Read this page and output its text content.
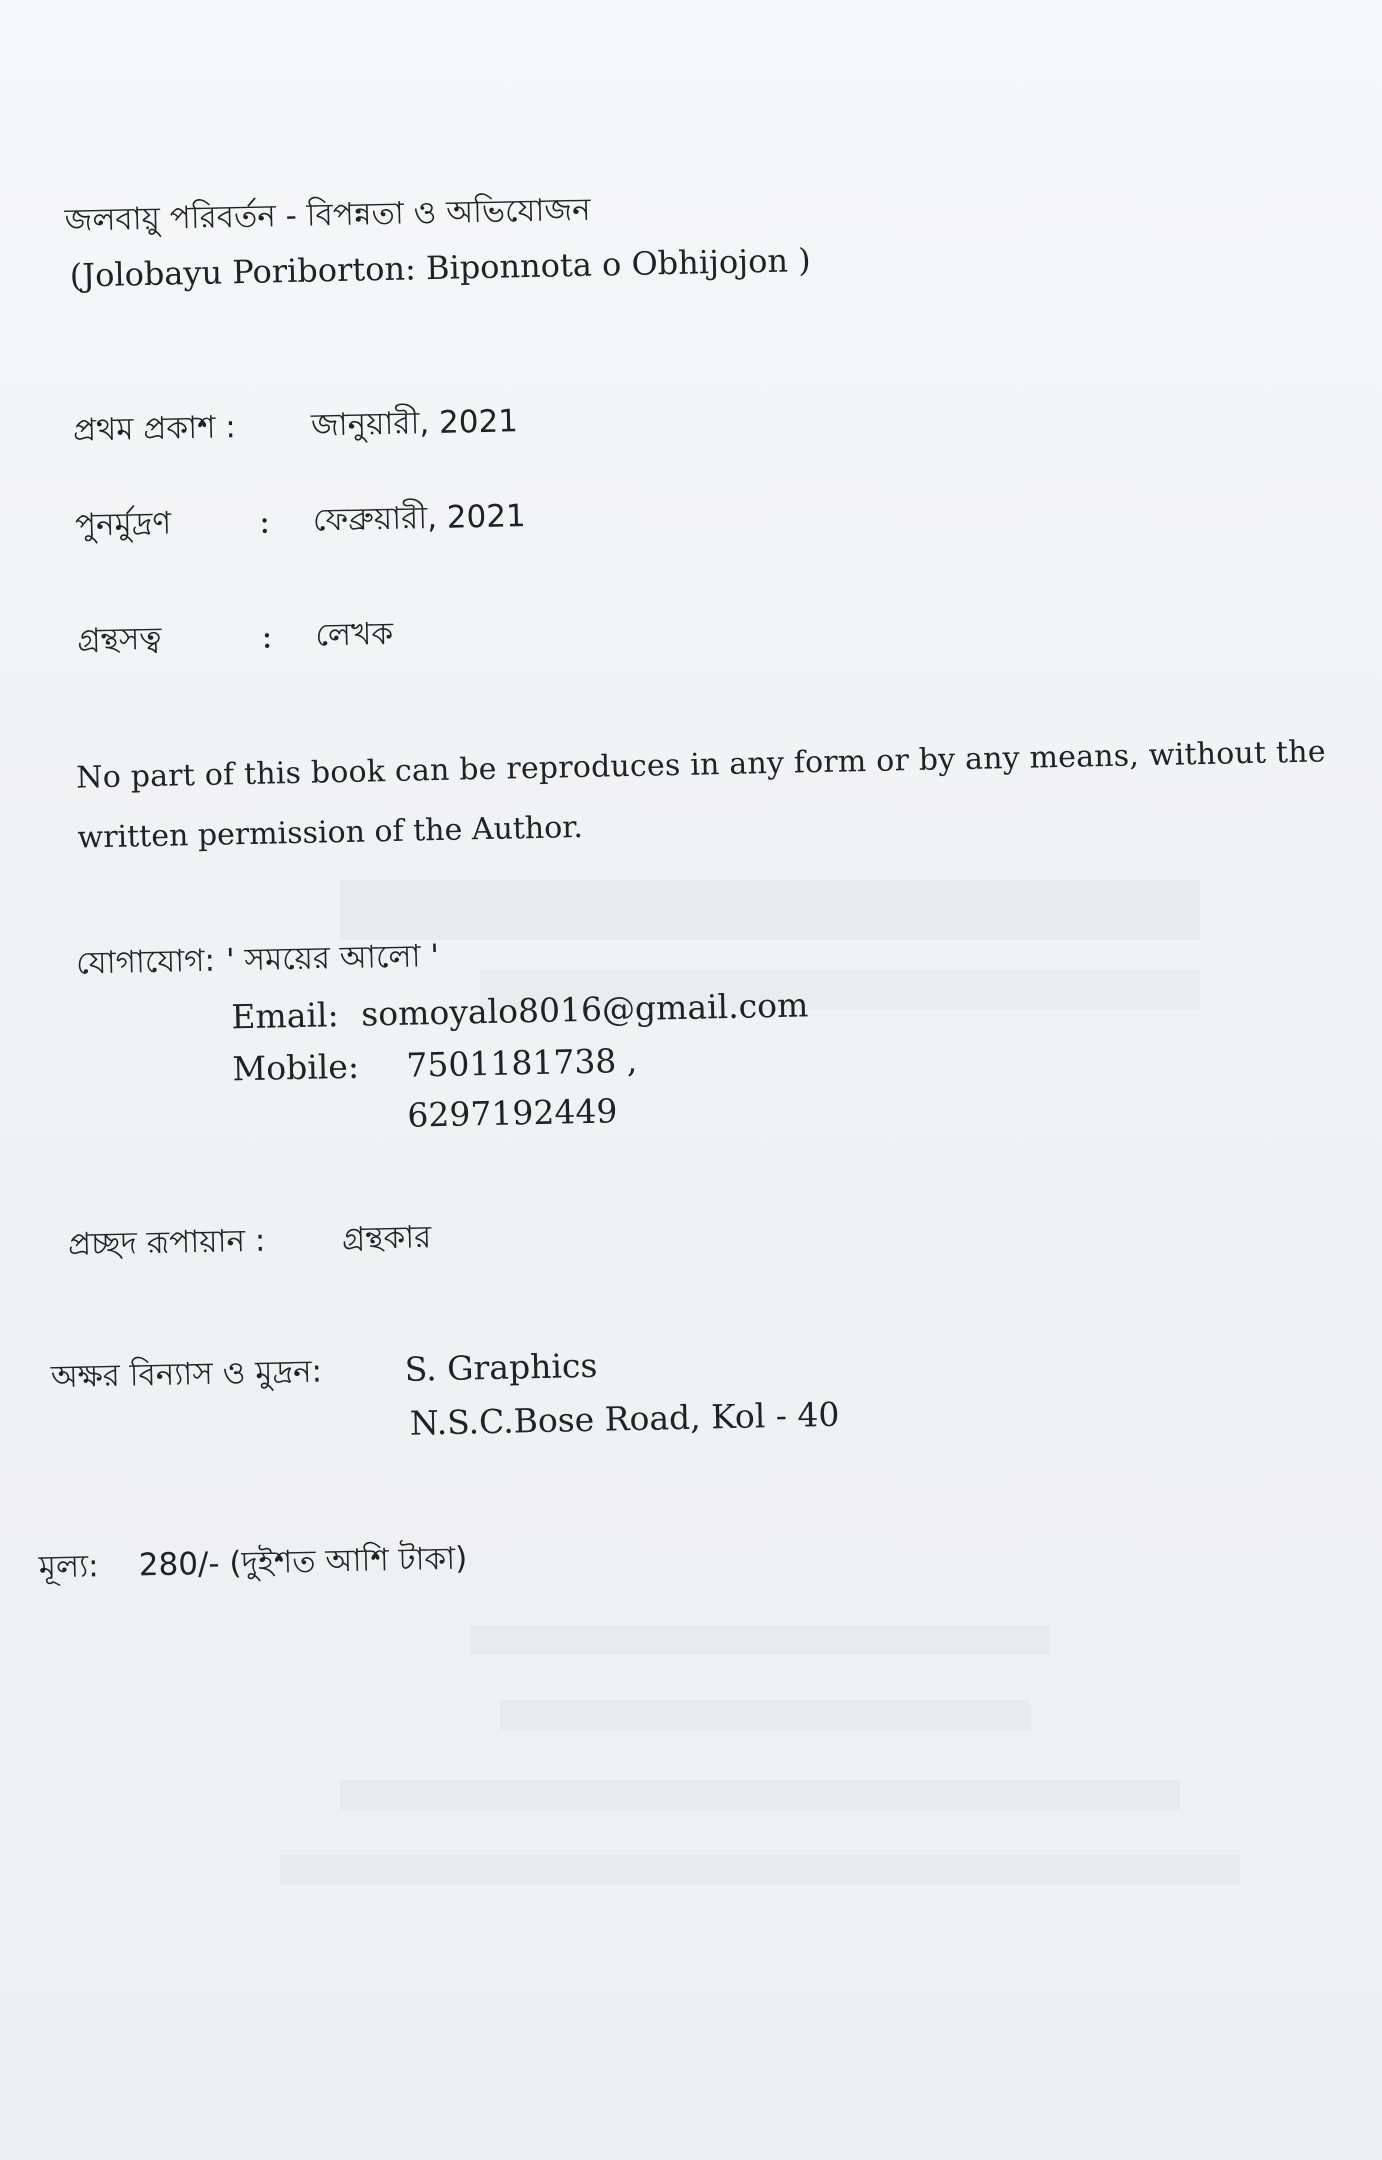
জলবায়ু পরিবর্তন - বিপন্নতা ও অভিযোজন
(Jolobayu Poriborton: Biponnota o Obhijojon )
প্রথম প্রকাশ : জানুয়ারী, 2021
পুনর্মুদ্রণ	: ফেব্রুয়ারী, 2021
গ্রন্থসত্ব	: লেখক
No part of this book can be reproduces in any form or by any means, without the
written permission of the Author.
যোগাযোগ: ' সময়ের আলো '
Email: somoyalo8016@gmail.com
Mobile: 7501181738 ,
6297192449
প্রচ্ছদ রূপায়ান : গ্রন্থকার
অক্ষর বিন্যাস ও মুদ্রন: S. Graphics
N.S.C.Bose Road, Kol - 40
মূল্য: 280/- (দুইশত আশি টাকা)
